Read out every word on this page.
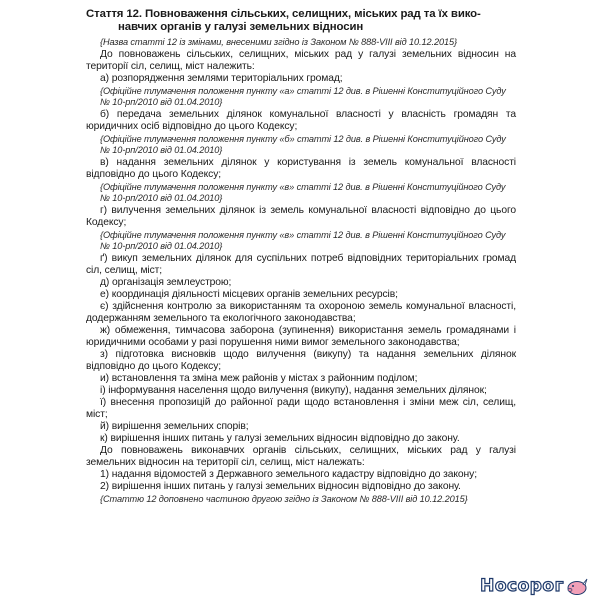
Стаття 12. Повноваження сільських, селищних, міських рад та їх вико-
навчих органів у галузі земельних відносин
{Назва статті 12 із змінами, внесеними згідно із Законом № 888-VIII від 10.12.2015}

До повноважень сільських, селищних, міських рад у галузі земельних відносин на території сіл, селищ, міст належить:

а) розпорядження землями територіальних громад;

{Офіційне тлумачення положення пункту «а» статті 12 див. в Рішенні Конституційного Суду № 10-рп/2010 від 01.04.2010}

б) передача земельних ділянок комунальної власності у власність громадян та юридичних осіб відповідно до цього Кодексу;

{Офіційне тлумачення положення пункту «б» статті 12 див. в Рішенні Конституційного Суду № 10-рп/2010 від 01.04.2010}

в) надання земельних ділянок у користування із земель комунальної власності відповідно до цього Кодексу;

{Офіційне тлумачення положення пункту «в» статті 12 див. в Рішенні Конституційного Суду № 10-рп/2010 від 01.04.2010}

г) вилучення земельних ділянок із земель комунальної власності відповідно до цього Кодексу;

{Офіційне тлумачення положення пункту «в» статті 12 див. в Рішенні Конституційного Суду № 10-рп/2010 від 01.04.2010}

ґ) викуп земельних ділянок для суспільних потреб відповідних територіальних громад сіл, селищ, міст;

д) організація землеустрою;

е) координація діяльності місцевих органів земельних ресурсів;

є) здійснення контролю за використанням та охороною земель комунальної власності, додержанням земельного та екологічного законодавства;

ж) обмеження, тимчасова заборона (зупинення) використання земель громадянами і юридичними особами у разі порушення ними вимог земельного законодавства;

з) підготовка висновків щодо вилучення (викупу) та надання земельних ділянок відповідно до цього Кодексу;

и) встановлення та зміна меж районів у містах з районним поділом;

і) інформування населення щодо вилучення (викупу), надання земельних ділянок;

ї) внесення пропозицій до районної ради щодо встановлення і зміни меж сіл, селищ, міст;

й) вирішення земельних спорів;

к) вирішення інших питань у галузі земельних відносин відповідно до закону.

До повноважень виконавчих органів сільських, селищних, міських рад у галузі земельних відносин на території сіл, селищ, міст належать:

1) надання відомостей з Державного земельного кадастру відповідно до закону;

2) вирішення інших питань у галузі земельних відносин відповідно до закону.

{Статтю 12 доповнено частиною другою згідно із Законом № 888-VIII від 10.12.2015}
Носорог
